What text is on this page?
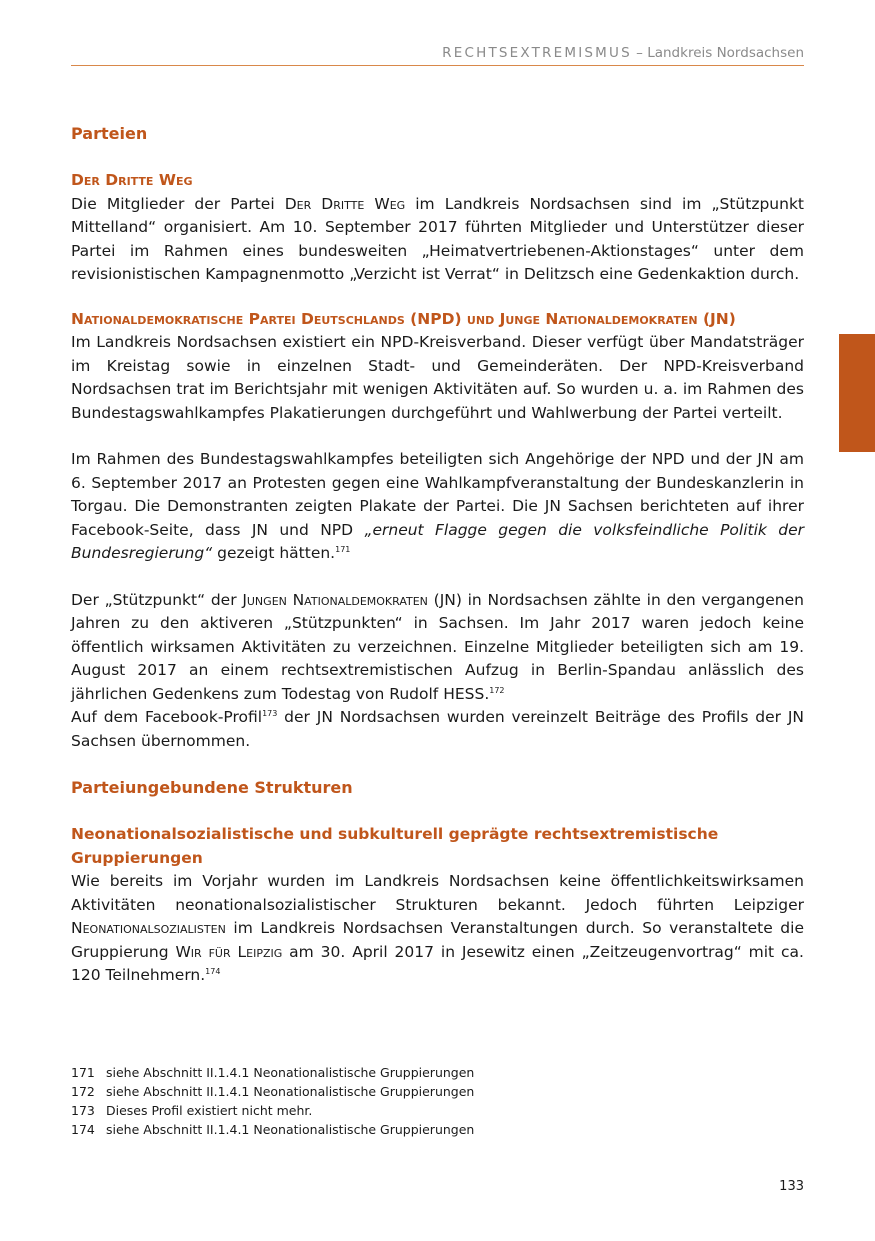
RECHTSEXTREMISMUS – Landkreis Nordsachsen
Parteien
Der Dritte Weg

Die Mitglieder der Partei Der Dritte Weg im Landkreis Nordsachsen sind im „Stützpunkt Mittelland“ organisiert. Am 10. September 2017 führten Mitglieder und Unterstützer dieser Partei im Rahmen eines bundesweiten „Heimatvertriebenen-Aktionstages“ unter dem revisionistischen Kampagnenmotto „Verzicht ist Verrat“ in Delitzsch eine Gedenkaktion durch.

Nationaldemokratische Partei Deutschlands (NPD) und Junge Nationaldemokraten (JN)

Im Landkreis Nordsachsen existiert ein NPD-Kreisverband. Dieser verfügt über Mandatsträger im Kreistag sowie in einzelnen Stadt- und Gemeinderäten. Der NPD-Kreisverband Nordsachsen trat im Berichtsjahr mit wenigen Aktivitäten auf. So wurden u. a. im Rahmen des Bundestagswahlkampfes Plakatierungen durchgeführt und Wahlwerbung der Partei verteilt.

Im Rahmen des Bundestagswahlkampfes beteiligten sich Angehörige der NPD und der JN am 6. September 2017 an Protesten gegen eine Wahlkampfveranstaltung der Bundeskanzlerin in Torgau. Die Demonstranten zeigten Plakate der Partei. Die JN Sachsen berichteten auf ihrer Facebook-Seite, dass JN und NPD „erneut Flagge gegen die volksfeindliche Politik der Bundesregierung“ gezeigt hätten.$^{171}$

Der „Stützpunkt“ der Jungen Nationaldemokraten (JN) in Nordsachsen zählte in den vergangenen Jahren zu den aktiveren „Stützpunkten“ in Sachsen. Im Jahr 2017 waren jedoch keine öffentlich wirksamen Aktivitäten zu verzeichnen. Einzelne Mitglieder beteiligten sich am 19. August 2017 an einem rechtsextremistischen Aufzug in Berlin-Spandau anlässlich des jährlichen Gedenkens zum Todestag von Rudolf HESS.$^{172}$

Auf dem Facebook-Profil$^{173}$ der JN Nordsachsen wurden vereinzelt Beiträge des Profils der JN Sachsen übernommen.

Parteiungebundene Strukturen
Neonationalsozialistische und subkulturell geprägte rechtsextremistische Gruppierungen

Wie bereits im Vorjahr wurden im Landkreis Nordsachsen keine öffentlichkeitswirksamen Aktivitäten neonationalsozialistischer Strukturen bekannt. Jedoch führten Leipziger Neonationalsozialisten im Landkreis Nordsachsen Veranstaltungen durch. So veranstaltete die Gruppierung Wir für Leipzig am 30. April 2017 in Jesewitz einen „Zeitzeugenvortrag“ mit ca. 120 Teilnehmern.$^{174}$

171 siehe Abschnitt II.1.4.1 Neonationalistische Gruppierungen
172 siehe Abschnitt II.1.4.1 Neonationalistische Gruppierungen
173 Dieses Profil existiert nicht mehr.
174 siehe Abschnitt II.1.4.1 Neonationalistische Gruppierungen
133
